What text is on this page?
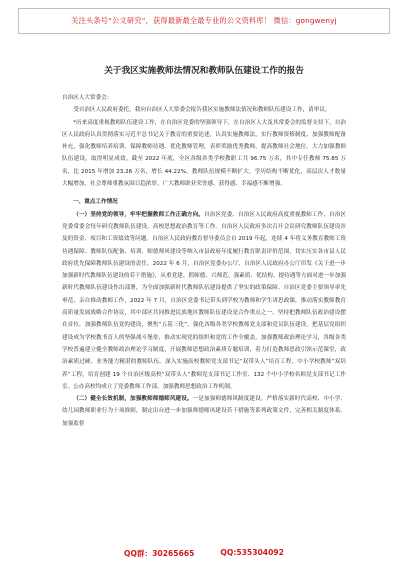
关注头条号“公文研究”，获得最新最全最专业的公文资料库！ 微信：gongwenyj
关于我区实施教师法情况和教师队伍建设工作的报告

自治区人大常委会：

受自治区人民政府委托，我向自治区人大常委会报告我区实施教师法情况和教师队伍建设工作，请审议。

*历来高度重视教师队伍建设工作，在自治区党委的坚强领导下，在自治区人大及其常委会的监督支持下，自治区人民政府认真贯彻落实习近平总书记关于教育的重要论述，认真实施教师法，实行教师资格制度、加强教师配备补充，强化教师培养培训、保障教师待遇、优化教师管理，表彰奖励优秀教师，提高教师社会地位，大力加强教师队伍建设，取得明显成效。截至 2022 年底，全区各级各类学校教职工共 96.75 万名，其中专任教师 75.85 万名，比 2015 年增加 23.26 万名，增长 44.22%。教师队伍规模不断扩大，学历结构不断优化，高层次人才数量大幅增加，社会尊师重教氛围日趋浓厚，广大教师职业荣誉感、获得感、幸福感不断增强。

一、重点工作情况

（一）坚持党的领导，牢牢把握教师工作正确方向。自治区党委、自治区人民政府高度重视教师工作，自治区党委常委会每年研究教师队伍建设，高校思想政治教育等工作。自治区人民政府多次召开会议研究教师队伍建设涉及的资金、项目和工资绩效等问题。自治区人民政府教育督导委员会自 2019 年起，连续 4 年将义务教育教师工资待遇保障、教师队伍配备、培训、师德师风建设等纳入市县政府年度履行教育职责评价范围，切实压实各市县人民政府优先保障教师队伍建设的责任。2022 年 6 月，自治区党委办公厅、自治区人民政府办公厅印发《关于进一步加强新时代教师队伍建设的若干措施》，从重党建、抓师德、兴师范、强素质、优结构、提待遇等方面对进一步加强新时代教师队伍建设作出部署，为全面加强新时代教师队伍建设提供了坚实的政策保障。自治区党委主要领导率先垂范，亲自推动教师工作，2022 年 7 月，自治区党委书记带头到学校为教师和学生讲思政课，推动落实教师教育高质量发展战略合作协议，其中部区共同推进民族地区教师队伍建设是合作重点之一。坚持把教师队伍政治建设摆在首位，加强教师队伍党的建设，聚焦“五基三化”，强化各级各类学校教师党支部和党员队伍建设，把基层党组织建设成为学校教书育人的坚强战斗堡垒，推动实现党的组织和党的工作全覆盖。加强教师政治理论学习，各级各类学校普遍建立健全教师政治理论学习制度，开展教师思想政治素质专题培训，着力打造教师思政引领示范课堂，政治素质过硬、业务能力精湛的教师队伍。深入实施高校教师党支部书记“双带头人”培育工程，中小学校教师“双培养”工程，培育创建 19 个自治区级高校“双带头人”教师党支部书记工作室、132 个中小学校名师党支部书记工作室。公办高校均成立了党委教师工作部，加强教师思想政治工作机制。

（二）健全长效机制，加强教师师德师风建设。一是加强师德师风制度建设。严格落实新时代高校、中小学、幼儿园教师职业行为十项准则，制定出台进一步加强师德师风建设若干措施等系列政策文件，完善相关制度体系。加强监督

QQ群：30265665	QQ:535304092
